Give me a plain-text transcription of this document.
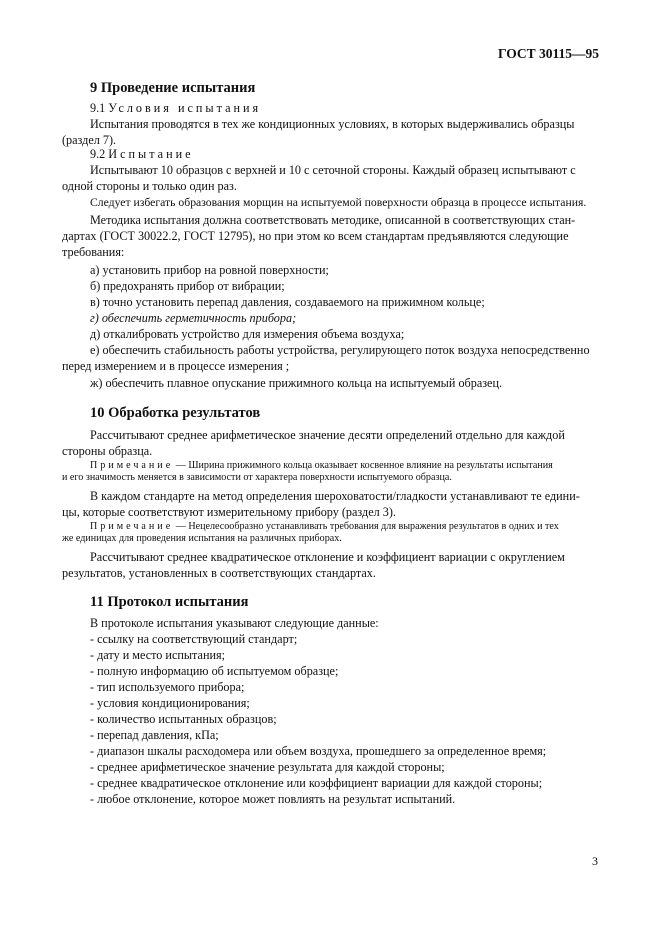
ГОСТ 30115—95
9 Проведение испытания
9.1 Условия испытания
Испытания проводятся в тех же кондиционных условиях, в которых выдерживались образцы
(раздел 7).
9.2 Испытание
Испытывают 10 образцов с верхней и 10 с сеточной стороны. Каждый образец испытывают с
одной стороны и только один раз.
Следует избегать образования морщин на испытуемой поверхности образца в процессе испытания.
Методика испытания должна соответствовать методике, описанной в соответствующих стан-
дартах (ГОСТ 30022.2, ГОСТ 12795), но при этом ко всем стандартам предъявляются следующие
требования:
а) установить прибор на ровной поверхности;
б) предохранять прибор от вибрации;
в) точно установить перепад давления, создаваемого на прижимном кольце;
г) обеспечить герметичность прибора;
д) откалибровать устройство для измерения объема воздуха;
е) обеспечить стабильность работы устройства, регулирующего поток воздуха непосредственно
перед измерением и в процессе измерения ;
ж) обеспечить плавное опускание прижимного кольца на испытуемый образец.
10 Обработка результатов
Рассчитывают среднее арифметическое значение десяти определений отдельно для каждой
стороны образца.
Примечание — Ширина прижимного кольца оказывает косвенное влияние на результаты испытания
и его значимость меняется в зависимости от характера поверхности испытуемого образца.
В каждом стандарте на метод определения шероховатости/гладкости устанавливают те едини-
цы, которые соответствуют измерительному прибору (раздел 3).
Примечание — Нецелесообразно устанавливать требования для выражения результатов в одних и тех
же единицах для проведения испытания на различных приборах.
Рассчитывают среднее квадратическое отклонение и коэффициент вариации с округлением
результатов, установленных в соответствующих стандартах.
11 Протокол испытания
В протоколе испытания указывают следующие данные:
- ссылку на соответствующий стандарт;
- дату и место испытания;
- полную информацию об испытуемом образце;
- тип используемого прибора;
- условия кондиционирования;
- количество испытанных образцов;
- перепад давления, кПа;
- диапазон шкалы расходомера или объем воздуха, прошедшего за определенное время;
- среднее арифметическое значение результата для каждой стороны;
- среднее квадратическое отклонение или коэффициент вариации для каждой стороны;
- любое отклонение, которое может повлиять на результат испытаний.
3
